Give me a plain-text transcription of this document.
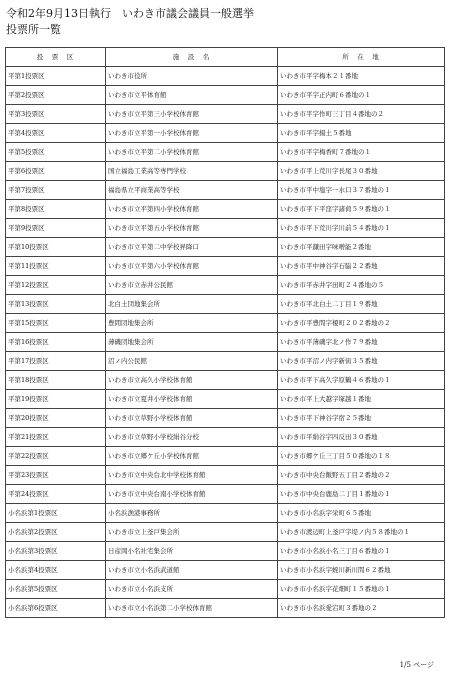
令和2年9月13日執行　いわき市議会議員一般選挙
投票所一覧
投　票　区	施　設　名	所　在　地
平第1投票区	いわき市役所	いわき市平字梅本２１番地
平第2投票区	いわき市立平体育館	いわき市平字正内町６番地の１
平第3投票区	いわき市立平第三小学校体育館	いわき市平字作町三丁目４番地の２
平第4投票区	いわき市立平第一小学校体育館	いわき市平字揚土５番地
平第5投票区	いわき市立平第二小学校体育館	いわき市平字梅香町７番地の１
平第6投票区	国立福島工業高等専門学校	いわき市平上荒川字長尾３０番地
平第7投票区	福島県立平商業高等学校	いわき市平中塩字一水口３７番地の１
平第8投票区	いわき市立平第四小学校体育館	いわき市平下平窪字諸荷５９番地の１
平第9投票区	いわき市立平第五小学校体育館	いわき市平下荒川字川前５４番地の１
平第10投票区	いわき市立平第二中学校昇降口	いわき市平鎌田字味噌能２番地
平第11投票区	いわき市立平第六小学校体育館	いわき市平中神谷字石脇２２番地
平第12投票区	いわき市立赤井公民館	いわき市平赤井字田町２４番地の５
平第13投票区	北白土団地集会所	いわき市平北白土二丁目１９番地
平第15投票区	豊間団地集会所	いわき市平豊間字榎町２０２番地の２
平第16投票区	薄磯団地集会所	いわき市平薄磯字北ノ作７９番地
平第17投票区	沼ノ内公民館	いわき市平沼ノ内字新街３５番地
平第18投票区	いわき市立高久小学校体育館	いわき市平下高久字原鶴４６番地の１
平第19投票区	いわき市立夏井小学校体育館	いわき市平上大越字塚越１番地
平第20投票区	いわき市立草野小学校体育館	いわき市平下神谷字宿２５番地
平第21投票区	いわき市立草野小学校絹谷分校	いわき市平絹谷字四反田３０番地
平第22投票区	いわき市立郷ケ丘小学校体育館	いわき市郷ケ丘三丁目５０番地の１８
平第23投票区	いわき市立中央台北中学校体育館	いわき市中央台飯野五丁目２番地の２
平第24投票区	いわき市立中央台南小学校体育館	いわき市中央台鹿島二丁目１番地の１
小名浜第1投票区	小名浜漁港事務所	いわき市小名浜字栄町６５番地
小名浜第2投票区	いわき市立上釜戸集会所	いわき市渡辺町上釜戸字堤ノ内５８番地の１
小名浜第3投票区	日産岡小名社宅集会所	いわき市小名浜小名三丁目６番地の１
小名浜第4投票区	いわき市立小名浜武道館	いわき市小名浜字蛭川新川間６２番地
小名浜第5投票区	いわき市立小名浜支所	いわき市小名浜字花畑町１５番地の１
小名浜第6投票区	いわき市立小名浜第二小学校体育館	いわき市小名浜愛宕町３番地の２
1/5 ページ
